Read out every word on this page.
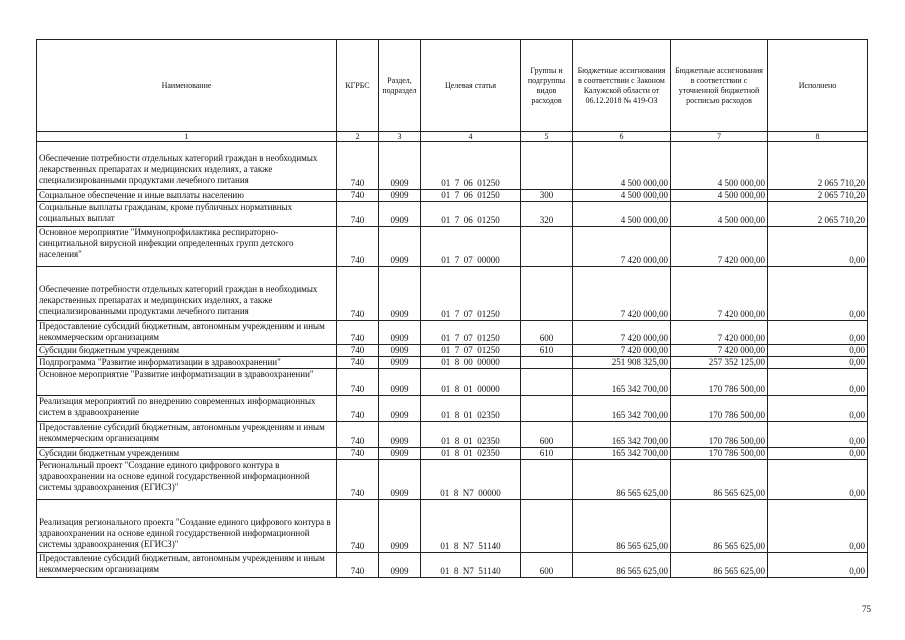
Наименование	КГРБС	Раздел, подраздел	Целевая статья	Группы и подгруппы видов расходов	Бюджетные ассигнования в соответствии с Законом Калужской области от 06.12.2018 № 419-ОЗ	Бюджетные ассигнования в соответствии с уточненной бюджетной росписью расходов	Исполнено
1	2	3	4	5	6	7	8
Обеспечение потребности отдельных категорий граждан в необходимых лекарственных препаратах и медицинских изделиях, а также специализированными продуктами лечебного питания	740	0909	01  7  06  01250		4 500 000,00	4 500 000,00	2 065 710,20
Социальное обеспечение и иные выплаты населению	740	0909	01  7  06  01250	300	4 500 000,00	4 500 000,00	2 065 710,20
Социальные выплаты гражданам, кроме публичных нормативных социальных выплат	740	0909	01  7  06  01250	320	4 500 000,00	4 500 000,00	2 065 710,20
Основное мероприятие "Иммунопрофилактика респираторно-синцитиальной вирусной инфекции определенных групп детского населения"	740	0909	01  7  07  00000		7 420 000,00	7 420 000,00	0,00
Обеспечение потребности отдельных категорий граждан в необходимых лекарственных препаратах и медицинских изделиях, а также специализированными продуктами лечебного питания	740	0909	01  7  07  01250		7 420 000,00	7 420 000,00	0,00
Предоставление субсидий бюджетным, автономным учреждениям и иным некоммерческим организациям	740	0909	01  7  07  01250	600	7 420 000,00	7 420 000,00	0,00
Субсидии бюджетным учреждениям	740	0909	01  7  07  01250	610	7 420 000,00	7 420 000,00	0,00
Подпрограмма "Развитие информатизации в здравоохранении"	740	0909	01  8  00  00000		251 908 325,00	257 352 125,00	0,00
Основное мероприятие "Развитие информатизации в здравоохранении"	740	0909	01  8  01  00000		165 342 700,00	170 786 500,00	0,00
Реализация мероприятий по внедрению современных информационных систем в здравоохранение	740	0909	01  8  01  02350		165 342 700,00	170 786 500,00	0,00
Предоставление субсидий бюджетным, автономным учреждениям и иным некоммерческим организациям	740	0909	01  8  01  02350	600	165 342 700,00	170 786 500,00	0,00
Субсидии бюджетным учреждениям	740	0909	01  8  01  02350	610	165 342 700,00	170 786 500,00	0,00
Региональный проект "Создание единого цифрового контура в здравоохранении на основе единой государственной информационной системы здравоохранения (ЕГИСЗ)"	740	0909	01  8  N7  00000		86 565 625,00	86 565 625,00	0,00
Реализация регионального проекта "Создание единого цифрового контура в здравоохранении на основе единой государственной информационной системы здравоохранения (ЕГИСЗ)"	740	0909	01  8  N7  51140		86 565 625,00	86 565 625,00	0,00
Предоставление субсидий бюджетным, автономным учреждениям и иным некоммерческим организациям	740	0909	01  8  N7  51140	600	86 565 625,00	86 565 625,00	0,00
75
